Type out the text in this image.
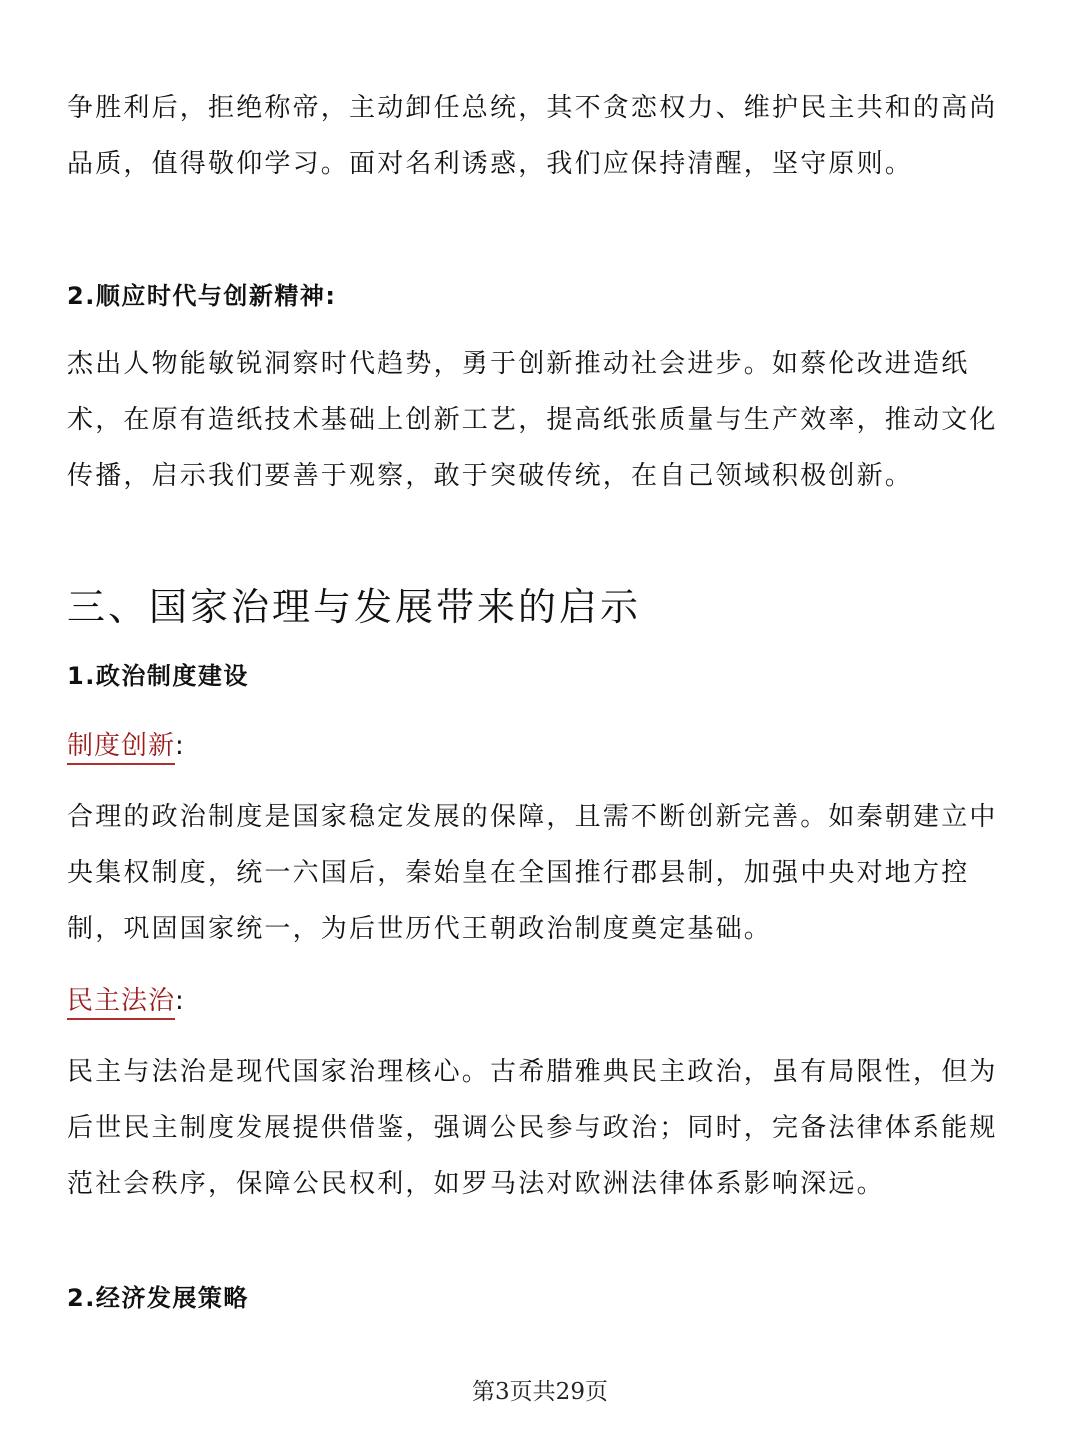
争胜利后，拒绝称帝，主动卸任总统，其不贪恋权力、维护民主共和的高尚品质，值得敬仰学习。面对名利诱惑，我们应保持清醒，坚守原则。

2.顺应时代与创新精神:

杰出人物能敏锐洞察时代趋势，勇于创新推动社会进步。如蔡伦改进造纸术，在原有造纸技术基础上创新工艺，提高纸张质量与生产效率，推动文化传播，启示我们要善于观察，敢于突破传统，在自己领域积极创新。

三、国家治理与发展带来的启示

1.政治制度建设

制度创新:

合理的政治制度是国家稳定发展的保障，且需不断创新完善。如秦朝建立中央集权制度，统一六国后，秦始皇在全国推行郡县制，加强中央对地方控制，巩固国家统一，为后世历代王朝政治制度奠定基础。

民主法治:

民主与法治是现代国家治理核心。古希腊雅典民主政治，虽有局限性，但为后世民主制度发展提供借鉴，强调公民参与政治；同时，完备法律体系能规范社会秩序，保障公民权利，如罗马法对欧洲法律体系影响深远。

2.经济发展策略

第3页共29页
